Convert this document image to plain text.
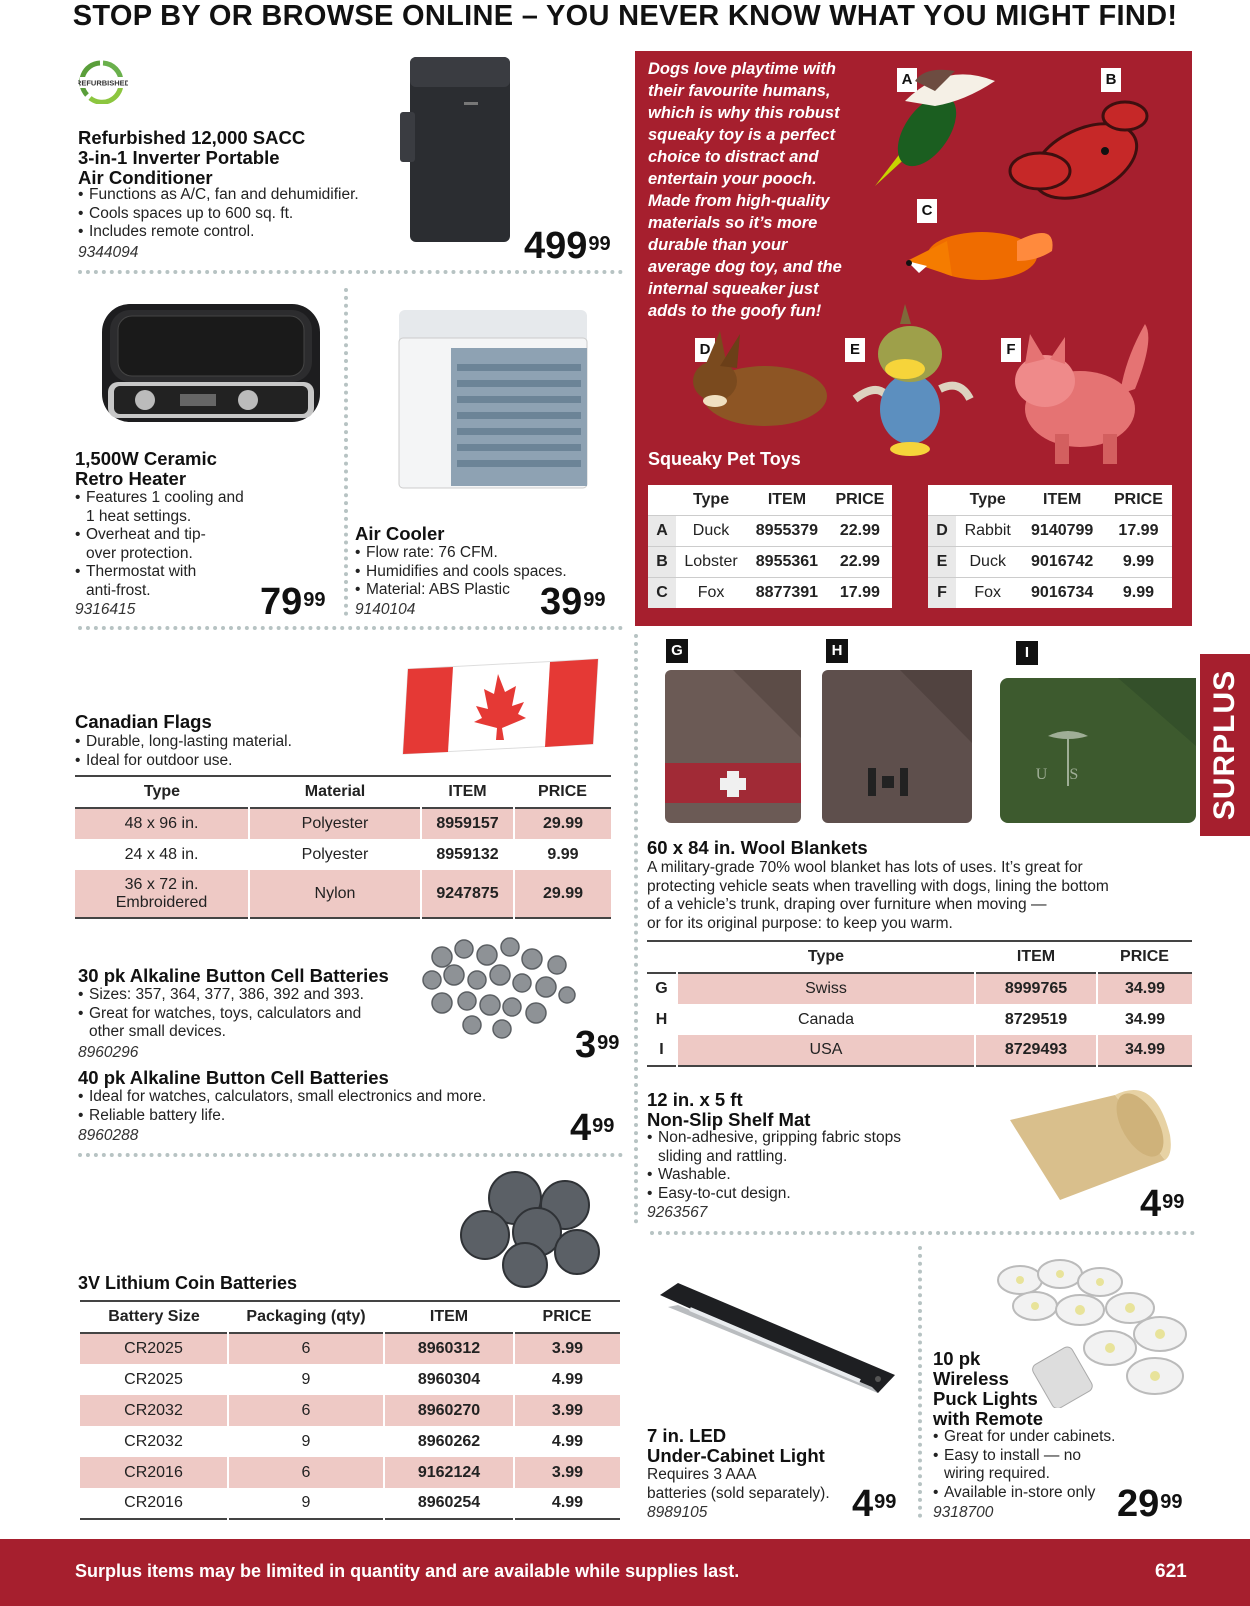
STOP BY OR BROWSE ONLINE – YOU NEVER KNOW WHAT YOU MIGHT FIND!
REFURBISHED
Refurbished 12,000 SACC
3-in-1 Inverter Portable
Air Conditioner
• Functions as A/C, fan and dehumidifier.
• Cools spaces up to 600 sq. ft.
• Includes remote control.
9344094	$499^{99}$
1,500W Ceramic
Retro Heater
• Features 1 cooling and
1 heat settings.
• Overheat and tip-
over protection.
• Thermostat with
anti-frost.
9316415	$79^{99}$
Air Cooler
• Flow rate: 76 CFM.
• Humidifies and cools spaces.
• Material: ABS Plastic
9140104	$39^{99}$
Dogs love playtime with
their favourite humans,
which is why this robust
squeaky toy is a perfect
choice to distract and
entertain your pooch.
Made from high-quality
materials so it’s more
durable than your
average dog toy, and the
internal squeaker just
adds to the goofy fun!
A	B
C
D	E	F
Squeaky Pet Toys
	Type	ITEM	PRICE
A	Duck	8955379	22.99
B	Lobster	8955361	22.99
C	Fox	8877391	17.99
	Type	ITEM	PRICE
D	Rabbit	9140799	17.99
E	Duck	9016742	9.99
F	Fox	9016734	9.99
SURPLUS
Canadian Flags
• Durable, long-lasting material.
• Ideal for outdoor use.
Type	Material	ITEM	PRICE
48 x 96 in.	Polyester	8959157	29.99
24 x 48 in.	Polyester	8959132	9.99

36 x 72 in.
Embroidered	Nylon	9247875	29.99
G	H	I
US
60 x 84 in. Wool Blankets
A military-grade 70% wool blanket has lots of uses. It’s great for
protecting vehicle seats when travelling with dogs, lining the bottom
of a vehicle’s trunk, draping over furniture when moving —
or for its original purpose: to keep you warm.
	Type	ITEM	PRICE
G	Swiss	8999765	34.99
H	Canada	8729519	34.99
I	USA	8729493	34.99
30 pk Alkaline Button Cell Batteries
• Sizes: 357, 364, 377, 386, 392 and 393.
• Great for watches, toys, calculators and
other small devices.
8960296	$3^{99}$
40 pk Alkaline Button Cell Batteries
• Ideal for watches, calculators, small electronics and more.
• Reliable battery life.
8960288	$4^{99}$
12 in. x 5 ft
Non-Slip Shelf Mat
• Non-adhesive, gripping fabric stops
sliding and rattling.
• Washable.
• Easy-to-cut design.
9263567	$4^{99}$
3V Lithium Coin Batteries
Battery Size	Packaging (qty)	ITEM	PRICE
CR2025	6	8960312	3.99
CR2025	9	8960304	4.99
CR2032	6	8960270	3.99
CR2032	9	8960262	4.99
CR2016	6	9162124	3.99
CR2016	9	8960254	4.99
7 in. LED
Under-Cabinet Light
Requires 3 AAA
batteries (sold separately).
8989105	$4^{99}$
10 pk
Wireless
Puck Lights
with Remote
• Great for under cabinets.
• Easy to install — no
wiring required.
• Available in-store only
9318700	$29^{99}$
Surplus items may be limited in quantity and are available while supplies last.	621
